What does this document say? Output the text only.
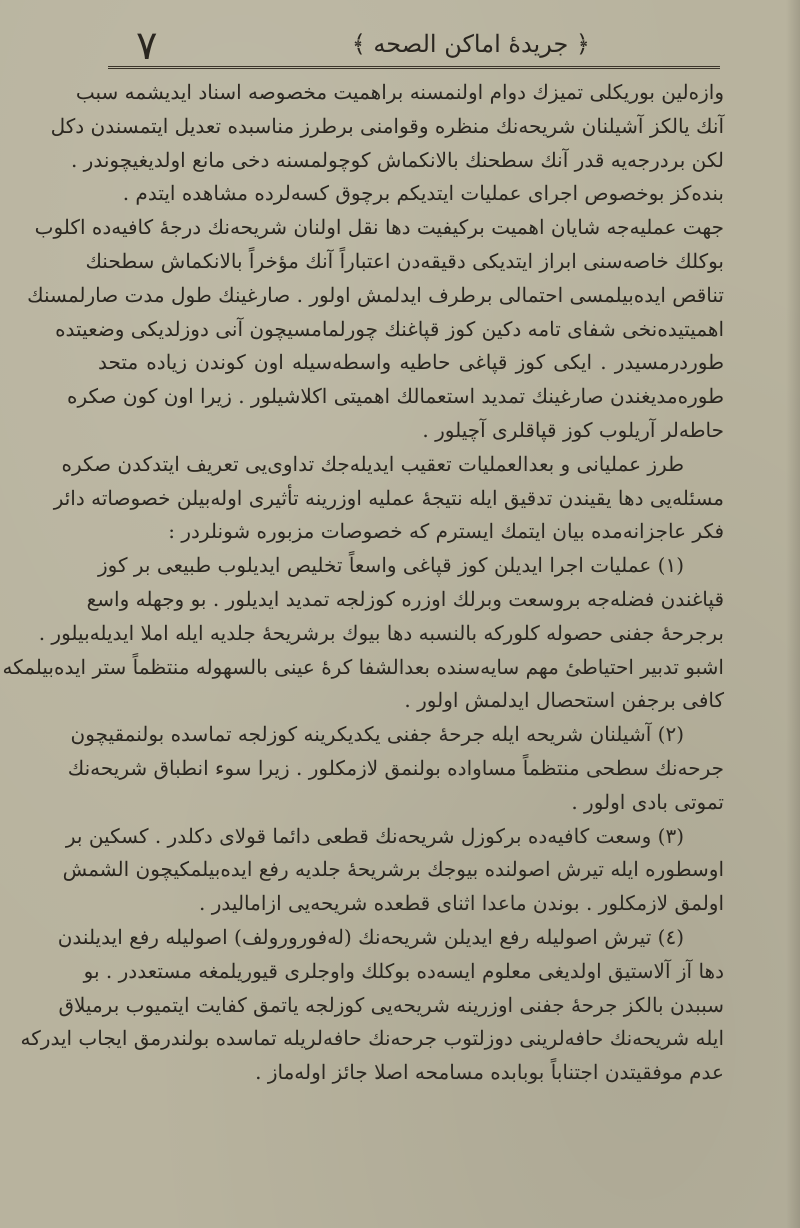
٧	﴿ جريدهٔ اماكن الصحه ﴾
واز‌ەلین بوریكلی تمیزك دوام اولنمسنه براهمیت مخصوصه اسناد ایدیشمه سبب
آنك یالكز آشیلنان شریحه‌نك منظره وقوامنی برطرز مناسبده تعدیل ایتمسندن دكل
لكن بردرجه‌یه قدر آنك سطحنك بالانكماش كوچولمسنه دخی مانع اولدیغیچوندر .
بنده‌كز بوخصوص اجرای عملیات ایتدیكم برچوق كسه‌لرده مشاهده ایتدم .
جهت عملیه‌جه شایان اهمیت بركیفیت دها نقل اولنان شریحه‌نك درجهٔ كافیه‌ده اكلوب
بوكلك خاصه‌سنی ابراز ایتدیكی دقیقه‌دن اعتباراً آنك مؤخراً بالانكماش سطحنك
تناقص ایده‌بیلمسی احتمالی برطرف ایدلمش اولور . صارغینك طول مدت صارلمسنك
اهمیتیده‌نخی شفای تامه دكین كوز قپاغنك چورلمامسیچون آنی دوزلدیكی وضعیتده
طوردرمسیدر . ایكی كوز قپاغی حاطیه واسطه‌سیله اون كوندن زیاده متحد
طوره‌مدیغندن صارغینك تمدید استعمالك اهمیتی اكلاشیلور . زیرا اون كون صكره
حاطه‌لر آریلوب كوز قپاقلری آچیلور .
طرز عملیانی و بعدالعملیات تعقیب ایدیله‌جك تداوی‌یی تعریف ایتدكدن صكره
مسئله‌یی دها یقیندن تدقیق ایله نتیجهٔ عملیه اوزرینه تأثیری اوله‌بیلن خصوصاته دائر
فكر عاجزانه‌مده بیان ایتمك ایسترم كه خصوصات مزبوره شونلردر :
(١) عملیات اجرا ایدیلن كوز قپاغی واسعاً تخلیص ایدیلوب طبیعی بر كوز
قپاغندن فضله‌جه بروسعت وبرلك اوزره كوزلجه تمدید ایدیلور . بو وجهله واسع
برجرحهٔ جفنی حصوله كلوركه بالنسبه دها بیوك برشریحهٔ جلدیه ایله املا ایدیله‌بیلور .
اشبو تدبیر احتیاطیٔ مهم سایه‌سنده بعدالشفا كرهٔ عینی بالسهوله منتظماً ستر ایده‌بیلمكه
كافی برجفن استحصال ایدلمش اولور .
(٢) آشیلنان شریحه ایله جرحهٔ جفنی یكدیكرینه كوزلجه تماسده بولنمقیچون
جرحه‌نك سطحی منتظماً مساوادە بولنمق لازمكلور . زیرا سوء انطباق شریحه‌نك
تموتی بادی اولور .
(٣) وسعت كافیه‌ده بركوزل شریحه‌نك قطعی دائما قولای دكلدر . كسكین بر
اوسطوره ایله تیرش اصولنده بیوجك برشریحهٔ جلدیه رفع ایده‌بیلمكیچون الشمش
اولمق لازمكلور . بوندن ماعدا اثنای قطعده شریحه‌یی ازامالیدر .
(٤) تیرش اصولیله رفع ایدیلن شریحه‌نك (لەفورورولف) اصولیله رفع ایدیلندن
دها آز آلاستیق اولدیغی معلوم ایسه‌ده بوكلك واوجلری قیوریلمغه مستعددر . بو
سببدن بالكز جرحهٔ جفنی اوزرینه شریحه‌یی كوزلجه یاتمق كفایت ایتمیوب برمیلاق
ایله شریحه‌نك حافه‌لرینی دوزلتوب جرحه‌نك حافه‌لریله تماسده بولندرمق ایجاب ایدركه
عدم موفقیتدن اجتناباً بوبابده مسامحه اصلا جائز اوله‌ماز .
